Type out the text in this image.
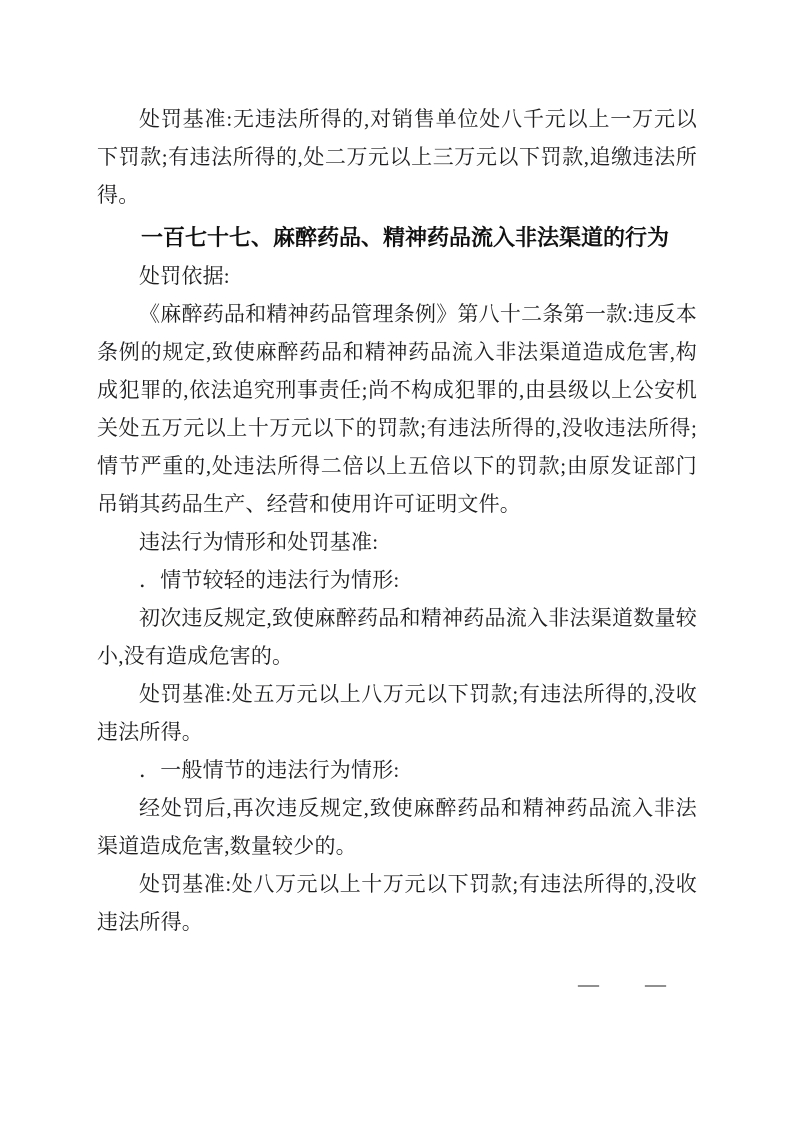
处罚基准:无违法所得的,对销售单位处八千元以上一万元以下罚款;有违法所得的,处二万元以上三万元以下罚款,追缴违法所得。

一百七十七、麻醉药品、精神药品流入非法渠道的行为

处罚依据:

《麻醉药品和精神药品管理条例》第八十二条第一款:违反本条例的规定,致使麻醉药品和精神药品流入非法渠道造成危害,构成犯罪的,依法追究刑事责任;尚不构成犯罪的,由县级以上公安机关处五万元以上十万元以下的罚款;有违法所得的,没收违法所得;情节严重的,处违法所得二倍以上五倍以下的罚款;由原发证部门吊销其药品生产、经营和使用许可证明文件。

违法行为情形和处罚基准:

．情节较轻的违法行为情形:

初次违反规定,致使麻醉药品和精神药品流入非法渠道数量较小,没有造成危害的。

处罚基准:处五万元以上八万元以下罚款;有违法所得的,没收违法所得。

．一般情节的违法行为情形:

经处罚后,再次违反规定,致使麻醉药品和精神药品流入非法渠道造成危害,数量较少的。

处罚基准:处八万元以上十万元以下罚款;有违法所得的,没收违法所得。

— —
